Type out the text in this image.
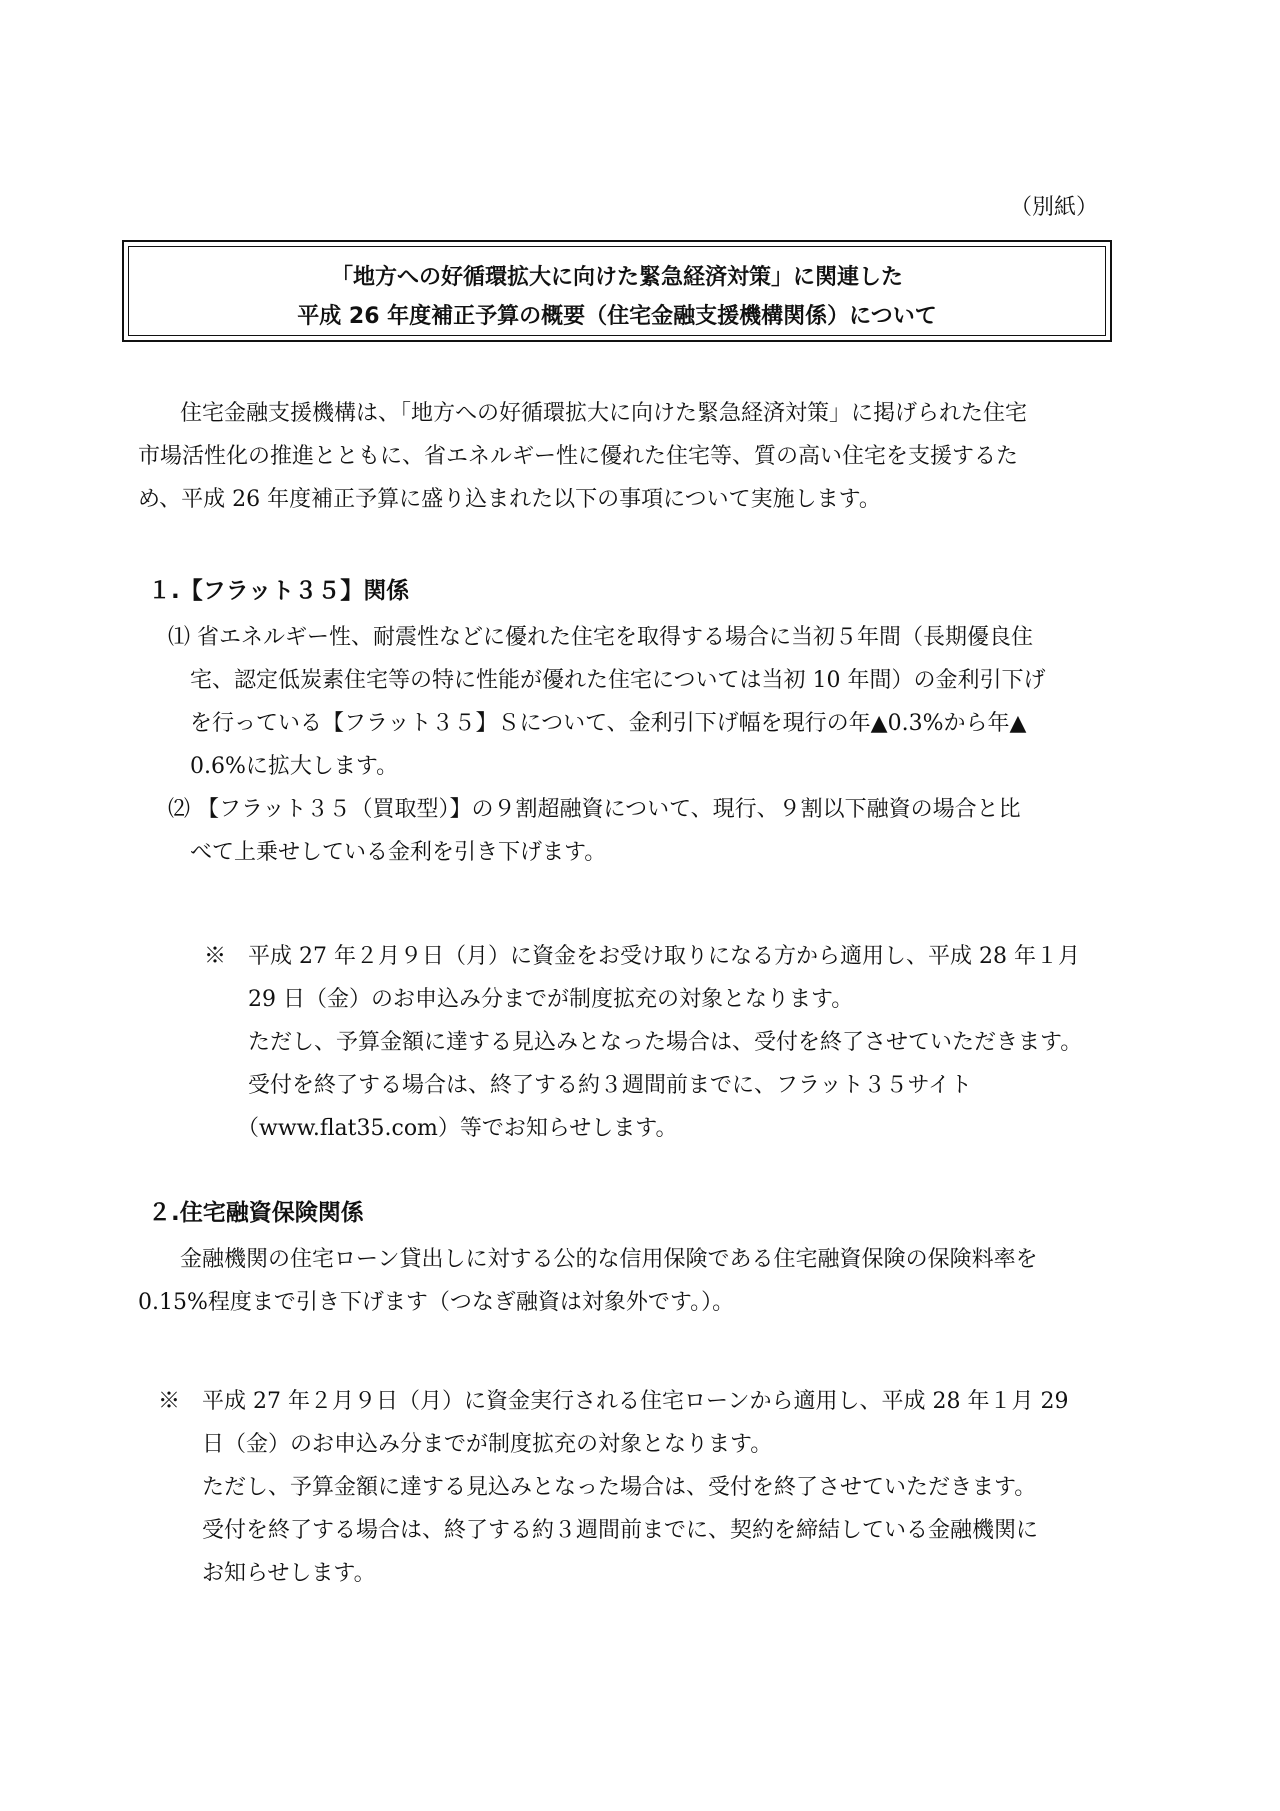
（別紙）
「地方への好循環拡大に向けた緊急経済対策」に関連した
平成 26 年度補正予算の概要（住宅金融支援機構関係）について
　住宅金融支援機構は、「地方への好循環拡大に向けた緊急経済対策」に掲げられた住宅
市場活性化の推進とともに、省エネルギー性に優れた住宅等、質の高い住宅を支援するた
め、平成 26 年度補正予算に盛り込まれた以下の事項について実施します。
１.【フラット３５】関係
⑴ 省エネルギー性、耐震性などに優れた住宅を取得する場合に当初５年間（長期優良住
　宅、認定低炭素住宅等の特に性能が優れた住宅については当初 10 年間）の金利引下げ
　を行っている【フラット３５】Ｓについて、金利引下げ幅を現行の年▲0.3%から年▲
　0.6%に拡大します。
⑵ 【フラット３５（買取型）】の９割超融資について、現行、９割以下融資の場合と比
　べて上乗せしている金利を引き下げます。
※　平成 27 年２月９日（月）に資金をお受け取りになる方から適用し、平成 28 年１月
　　29 日（金）のお申込み分までが制度拡充の対象となります。
　　ただし、予算金額に達する見込みとなった場合は、受付を終了させていただきます。
　　受付を終了する場合は、終了する約３週間前までに、フラット３５サイト
　　（www.flat35.com）等でお知らせします。
２.住宅融資保険関係
　金融機関の住宅ローン貸出しに対する公的な信用保険である住宅融資保険の保険料率を
0.15%程度まで引き下げます（つなぎ融資は対象外です。）。
※　平成 27 年２月９日（月）に資金実行される住宅ローンから適用し、平成 28 年１月 29
　　日（金）のお申込み分までが制度拡充の対象となります。
　　ただし、予算金額に達する見込みとなった場合は、受付を終了させていただきます。
　　受付を終了する場合は、終了する約３週間前までに、契約を締結している金融機関に
　　お知らせします。
